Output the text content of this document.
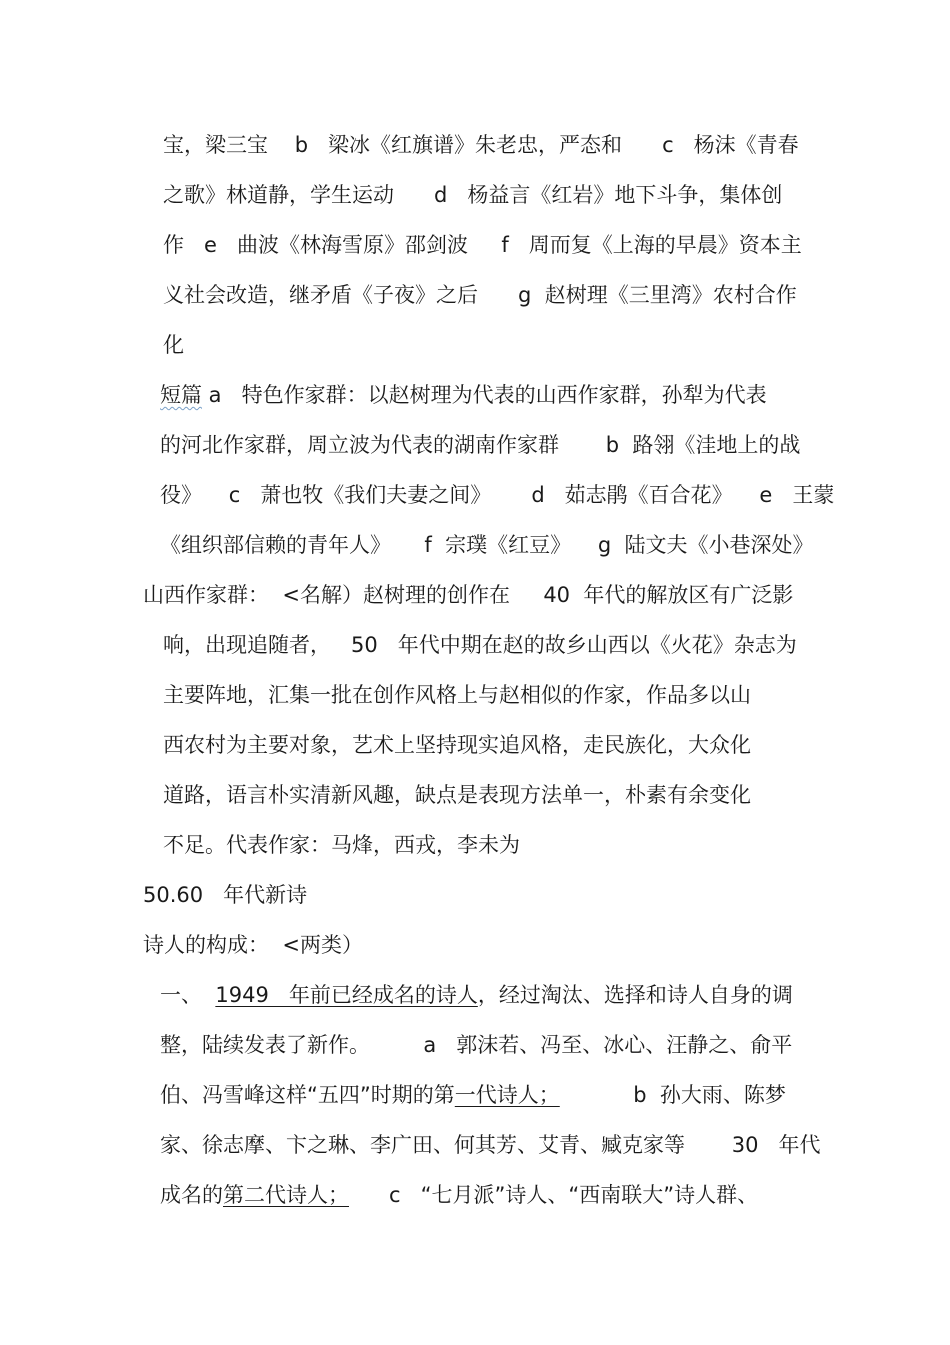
宝，梁三宝    b   梁冰《红旗谱》朱老忠，严态和      c   杨沫《青春
之歌》林道静，学生运动      d   杨益言《红岩》地下斗争，集体创
作   e   曲波《林海雪原》邵剑波     f   周而复《上海的早晨》资本主
义社会改造，继矛盾《子夜》之后      g  赵树理《三里湾》农村合作
化
短篇 a   特色作家群：以赵树理为代表的山西作家群，孙犁为代表
的河北作家群，周立波为代表的湖南作家群       b  路翎《洼地上的战
役》    c   萧也牧《我们夫妻之间》      d   茹志鹃《百合花》    e   王蒙
《组织部信赖的青年人》     f  宗璞《红豆》    g  陆文夫《小巷深处》
山西作家群：  <名解）赵树理的创作在     40  年代的解放区有广泛影
响，出现追随者，   50   年代中期在赵的故乡山西以《火花》杂志为
主要阵地，汇集一批在创作风格上与赵相似的作家，作品多以山
西农村为主要对象，艺术上坚持现实追风格，走民族化，大众化
道路，语言朴实清新风趣，缺点是表现方法单一，朴素有余变化
不足。代表作家：马烽，西戎，李未为
50.60   年代新诗
诗人的构成：  <两类）
一、 1949   年前已经成名的诗人，经过淘汰、选择和诗人自身的调
整，陆续发表了新作。        a   郭沫若、冯至、冰心、汪静之、俞平
伯、冯雪峰这样“五四”时期的第一代诗人；           b  孙大雨、陈梦
家、徐志摩、卞之琳、李广田、何其芳、艾青、臧克家等       30   年代
成名的第二代诗人；      c   “七月派”诗人、“西南联大”诗人群、
